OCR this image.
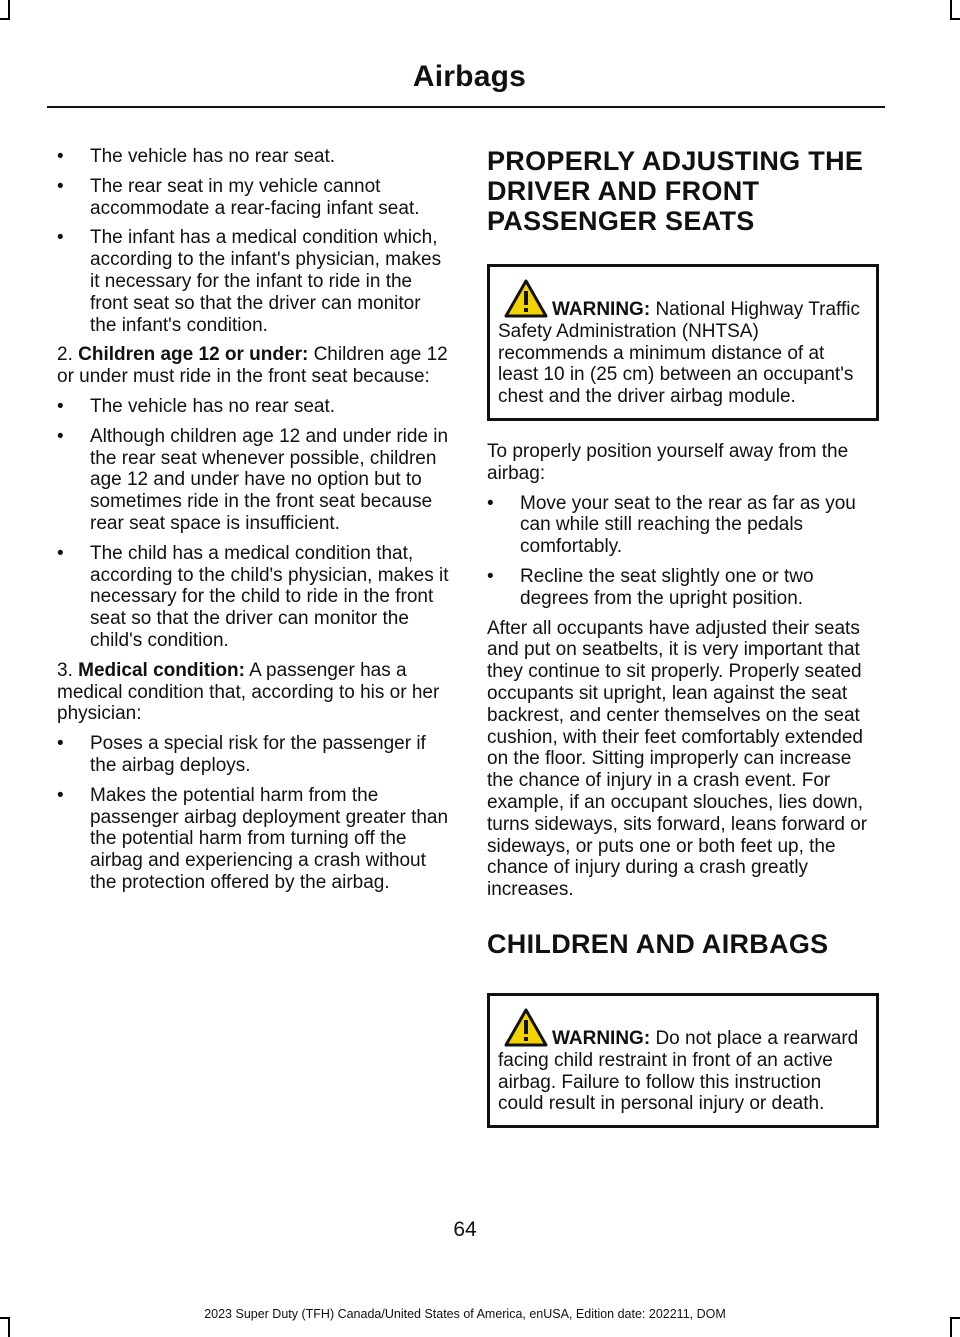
Airbags
• The vehicle has no rear seat.
• The rear seat in my vehicle cannot accommodate a rear-facing infant seat.
• The infant has a medical condition which, according to the infant's physician, makes it necessary for the infant to ride in the front seat so that the driver can monitor the infant's condition.

2. Children age 12 or under: Children age 12 or under must ride in the front seat because:

• The vehicle has no rear seat.
• Although children age 12 and under ride in the rear seat whenever possible, children age 12 and under have no option but to sometimes ride in the front seat because rear seat space is insufficient.
• The child has a medical condition that, according to the child's physician, makes it necessary for the child to ride in the front seat so that the driver can monitor the child's condition.

3. Medical condition: A passenger has a medical condition that, according to his or her physician:

• Poses a special risk for the passenger if the airbag deploys.
• Makes the potential harm from the passenger airbag deployment greater than the potential harm from turning off the airbag and experiencing a crash without the protection offered by the airbag.
PROPERLY ADJUSTING THE
DRIVER AND FRONT
PASSENGER SEATS
WARNING: National Highway Traffic Safety Administration (NHTSA) recommends a minimum distance of at least 10 in (25 cm) between an occupant's chest and the driver airbag module.

To properly position yourself away from the airbag:

• Move your seat to the rear as far as you can while still reaching the pedals comfortably.
• Recline the seat slightly one or two degrees from the upright position.

After all occupants have adjusted their seats and put on seatbelts, it is very important that they continue to sit properly. Properly seated occupants sit upright, lean against the seat backrest, and center themselves on the seat cushion, with their feet comfortably extended on the floor. Sitting improperly can increase the chance of injury in a crash event. For example, if an occupant slouches, lies down, turns sideways, sits forward, leans forward or sideways, or puts one or both feet up, the chance of injury during a crash greatly increases.

CHILDREN AND AIRBAGS
WARNING: Do not place a rearward facing child restraint in front of an active airbag. Failure to follow this instruction could result in personal injury or death.
64
2023 Super Duty (TFH) Canada/United States of America, enUSA, Edition date: 202211, DOM
